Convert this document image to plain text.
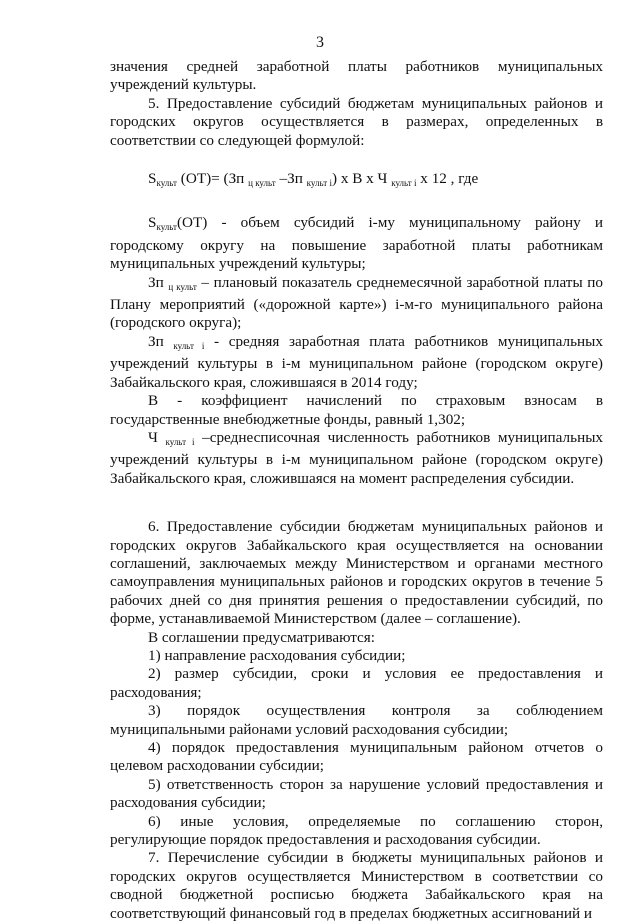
3

значения средней заработной платы работников муниципальных учреждений культуры.

5. Предоставление субсидий бюджетам муниципальных районов и городских округов осуществляется в размерах, определенных в соответствии со следующей формулой:

$S_{культ}$ (ОТ)= (Зп $_{ц культ}$ –Зп $_{культ i}$) х В х Ч $_{культ i}$ х 12 , где

$S_{культ}(ОТ)$ - объем субсидий i-му муниципальному району и городскому округу на повышение заработной платы работникам муниципальных учреждений культуры;

Зп $_{ц культ}$ – плановый показатель среднемесячной заработной платы по Плану мероприятий («дорожной карте») i-м-го муниципального района (городского округа);

Зп $_{культ i}$ - средняя заработная плата работников муниципальных учреждений культуры в i-м муниципальном районе (городском округе) Забайкальского края, сложившаяся в 2014 году;

В - коэффициент начислений по страховым взносам в государственные внебюджетные фонды, равный 1,302;

Ч $_{культ i}$ –среднесписочная численность работников муниципальных учреждений культуры в i-м муниципальном районе (городском округе) Забайкальского края, сложившаяся на момент распределения субсидии.

6. Предоставление субсидии бюджетам муниципальных районов и городских округов Забайкальского края осуществляется на основании соглашений, заключаемых между Министерством и органами местного самоуправления муниципальных районов и городских округов в течение 5 рабочих дней со дня принятия решения о предоставлении субсидий, по форме, устанавливаемой Министерством (далее – соглашение).

В соглашении предусматриваются:

1) направление расходования субсидии;

2) размер субсидии, сроки и условия ее предоставления и расходования;

3) порядок осуществления контроля за соблюдением муниципальными районами условий расходования субсидии;

4) порядок предоставления муниципальным районом отчетов о целевом расходовании субсидии;

5) ответственность сторон за нарушение условий предоставления и расходования субсидии;

6) иные условия, определяемые по соглашению сторон, регулирующие порядок предоставления и расходования субсидии.

7. Перечисление субсидии в бюджеты муниципальных районов и городских округов осуществляется Министерством в соответствии со сводной бюджетной росписью бюджета Забайкальского края на соответствующий финансовый год в пределах бюджетных ассигнований и
